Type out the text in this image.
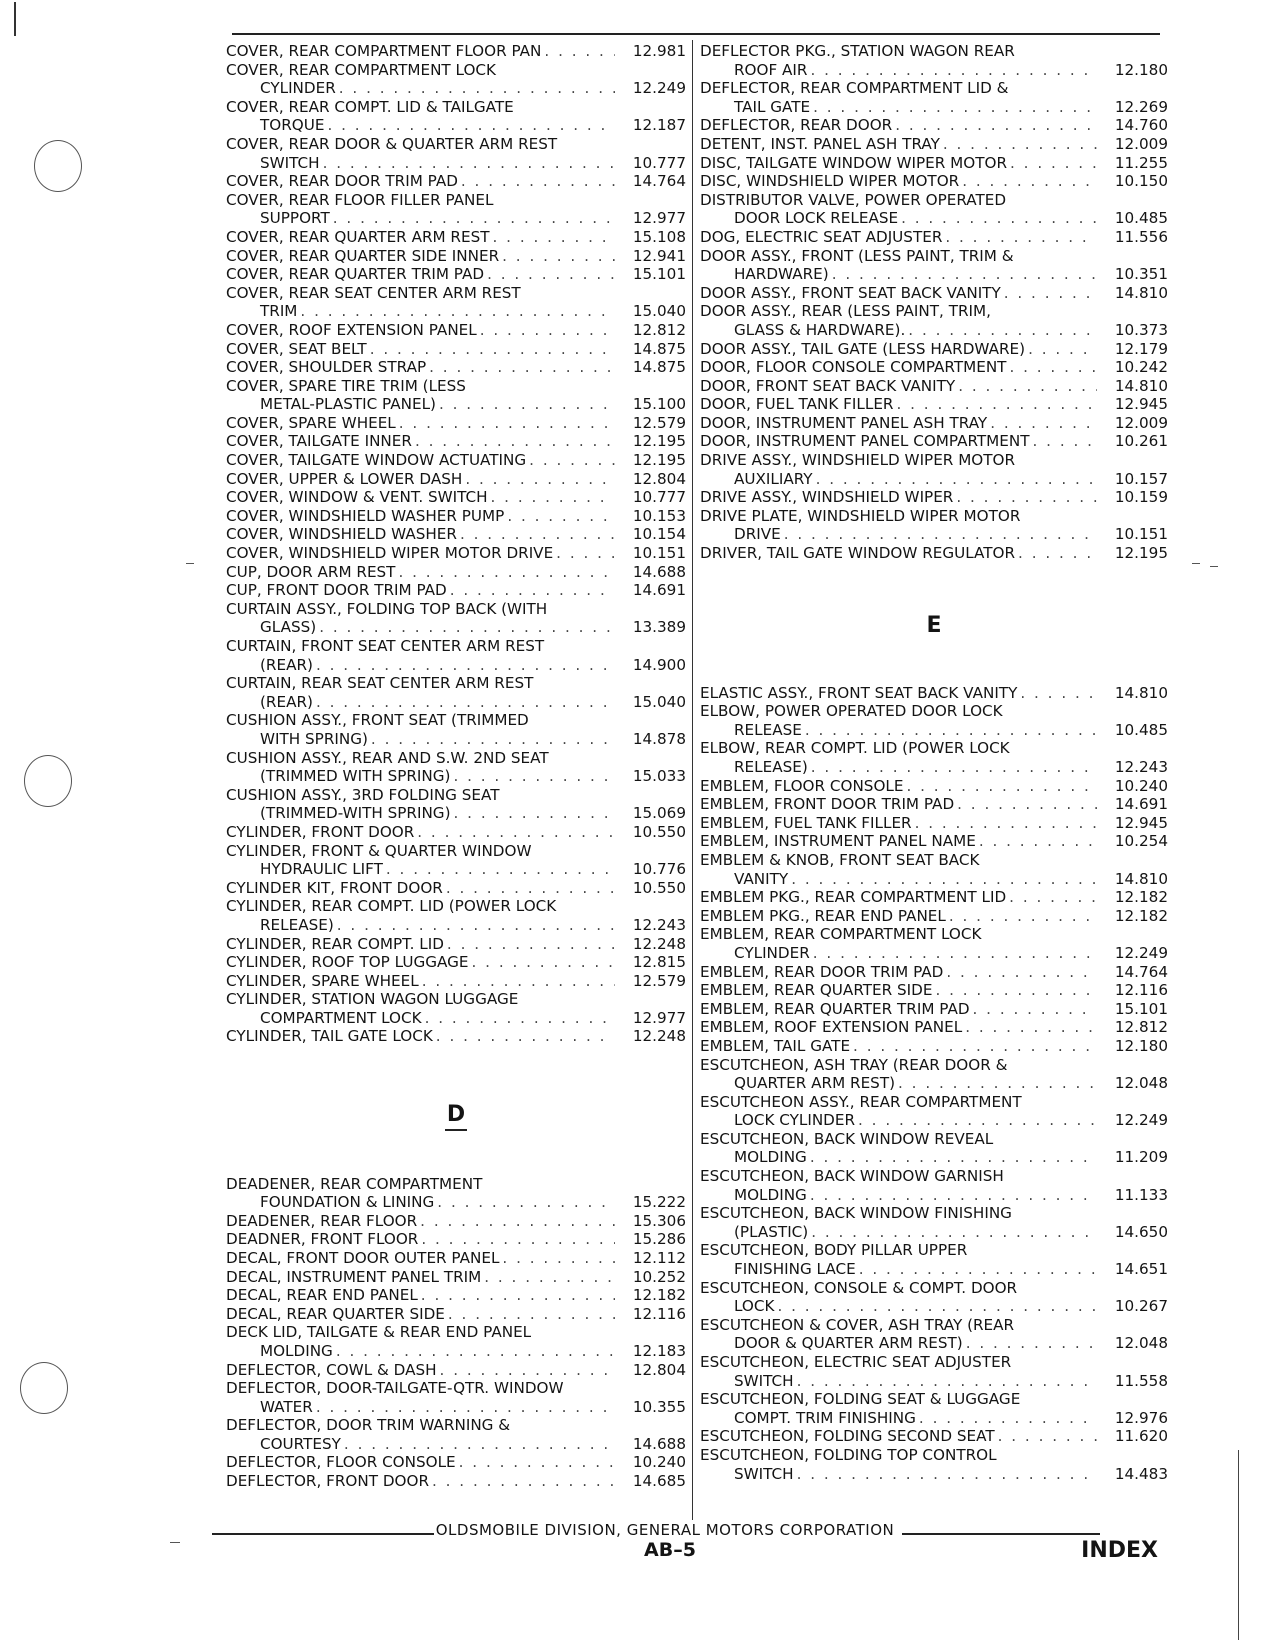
COVER, REAR COMPARTMENT FLOOR PAN . . .	12.981
COVER, REAR COMPARTMENT LOCK
CYLINDER . . .	12.249
COVER, REAR COMPT. LID & TAILGATE
TORQUE . . .	12.187
COVER, REAR DOOR & QUARTER ARM REST
SWITCH . . .	10.777
COVER, REAR DOOR TRIM PAD . . .	14.764
COVER, REAR FLOOR FILLER PANEL
SUPPORT . . .	12.977
COVER, REAR QUARTER ARM REST . . .	15.108
COVER, REAR QUARTER SIDE INNER . . .	12.941
COVER, REAR QUARTER TRIM PAD . . .	15.101
COVER, REAR SEAT CENTER ARM REST
TRIM . . .	15.040
COVER, ROOF EXTENSION PANEL . . .	12.812
COVER, SEAT BELT . . .	14.875
COVER, SHOULDER STRAP . . .	14.875
COVER, SPARE TIRE TRIM (LESS
METAL-PLASTIC PANEL) . . .	15.100
COVER, SPARE WHEEL . . .	12.579
COVER, TAILGATE INNER . . .	12.195
COVER, TAILGATE WINDOW ACTUATING . . .	12.195
COVER, UPPER & LOWER DASH . . .	12.804
COVER, WINDOW & VENT. SWITCH . . .	10.777
COVER, WINDSHIELD WASHER PUMP . . .	10.153
COVER, WINDSHIELD WASHER . . .	10.154
COVER, WINDSHIELD WIPER MOTOR DRIVE . . .	10.151
CUP, DOOR ARM REST . . .	14.688
CUP, FRONT DOOR TRIM PAD . . .	14.691
CURTAIN ASSY., FOLDING TOP BACK (WITH
GLASS) . . .	13.389
CURTAIN, FRONT SEAT CENTER ARM REST
(REAR) . . .	14.900
CURTAIN, REAR SEAT CENTER ARM REST
(REAR) . . .	15.040
CUSHION ASSY., FRONT SEAT (TRIMMED
WITH SPRING) . . .	14.878
CUSHION ASSY., REAR AND S.W. 2ND SEAT
(TRIMMED WITH SPRING) . . .	15.033
CUSHION ASSY., 3RD FOLDING SEAT
(TRIMMED-WITH SPRING) . . .	15.069
CYLINDER, FRONT DOOR . . .	10.550
CYLINDER, FRONT & QUARTER WINDOW
HYDRAULIC LIFT . . .	10.776
CYLINDER KIT, FRONT DOOR . . .	10.550
CYLINDER, REAR COMPT. LID (POWER LOCK
RELEASE) . . .	12.243
CYLINDER, REAR COMPT. LID . . .	12.248
CYLINDER, ROOF TOP LUGGAGE . . .	12.815
CYLINDER, SPARE WHEEL . . .	12.579
CYLINDER, STATION WAGON LUGGAGE
COMPARTMENT LOCK . . .	12.977
CYLINDER, TAIL GATE LOCK . . .	12.248
D
DEADENER, REAR COMPARTMENT
FOUNDATION & LINING . . .	15.222
DEADENER, REAR FLOOR . . .	15.306
DEADNER, FRONT FLOOR . . .	15.286
DECAL, FRONT DOOR OUTER PANEL . . .	12.112
DECAL, INSTRUMENT PANEL TRIM . . .	10.252
DECAL, REAR END PANEL . . .	12.182
DECAL, REAR QUARTER SIDE . . .	12.116
DECK LID, TAILGATE & REAR END PANEL
MOLDING . . .	12.183
DEFLECTOR, COWL & DASH . . .	12.804
DEFLECTOR, DOOR-TAILGATE-QTR. WINDOW
WATER . . .	10.355
DEFLECTOR, DOOR TRIM WARNING &
COURTESY . . .	14.688
DEFLECTOR, FLOOR CONSOLE . . .	10.240
DEFLECTOR, FRONT DOOR . . .	14.685
DEFLECTOR PKG., STATION WAGON REAR
ROOF AIR . . .	12.180
DEFLECTOR, REAR COMPARTMENT LID &
TAIL GATE . . .	12.269
DEFLECTOR, REAR DOOR . . .	14.760
DETENT, INST. PANEL ASH TRAY . . .	12.009
DISC, TAILGATE WINDOW WIPER MOTOR . . .	11.255
DISC, WINDSHIELD WIPER MOTOR . . .	10.150
DISTRIBUTOR VALVE, POWER OPERATED
DOOR LOCK RELEASE . . .	10.485
DOG, ELECTRIC SEAT ADJUSTER . . .	11.556
DOOR ASSY., FRONT (LESS PAINT, TRIM &
HARDWARE) . . .	10.351
DOOR ASSY., FRONT SEAT BACK VANITY . . .	14.810
DOOR ASSY., REAR (LESS PAINT, TRIM,
GLASS & HARDWARE). . . .	10.373
DOOR ASSY., TAIL GATE (LESS HARDWARE) . . .	12.179
DOOR, FLOOR CONSOLE COMPARTMENT . . .	10.242
DOOR, FRONT SEAT BACK VANITY . . .	14.810
DOOR, FUEL TANK FILLER . . .	12.945
DOOR, INSTRUMENT PANEL ASH TRAY . . .	12.009
DOOR, INSTRUMENT PANEL COMPARTMENT . . .	10.261
DRIVE ASSY., WINDSHIELD WIPER MOTOR
AUXILIARY . . .	10.157
DRIVE ASSY., WINDSHIELD WIPER . . .	10.159
DRIVE PLATE, WINDSHIELD WIPER MOTOR
DRIVE . . .	10.151
DRIVER, TAIL GATE WINDOW REGULATOR . . .	12.195
E
ELASTIC ASSY., FRONT SEAT BACK VANITY . . .	14.810
ELBOW, POWER OPERATED DOOR LOCK
RELEASE . . .	10.485
ELBOW, REAR COMPT. LID (POWER LOCK
RELEASE) . . .	12.243
EMBLEM, FLOOR CONSOLE . . .	10.240
EMBLEM, FRONT DOOR TRIM PAD . . .	14.691
EMBLEM, FUEL TANK FILLER . . .	12.945
EMBLEM, INSTRUMENT PANEL NAME . . .	10.254
EMBLEM & KNOB, FRONT SEAT BACK
VANITY . . .	14.810
EMBLEM PKG., REAR COMPARTMENT LID . . .	12.182
EMBLEM PKG., REAR END PANEL . . .	12.182
EMBLEM, REAR COMPARTMENT LOCK
CYLINDER . . .	12.249
EMBLEM, REAR DOOR TRIM PAD . . .	14.764
EMBLEM, REAR QUARTER SIDE . . .	12.116
EMBLEM, REAR QUARTER TRIM PAD . . .	15.101
EMBLEM, ROOF EXTENSION PANEL . . .	12.812
EMBLEM, TAIL GATE . . .	12.180
ESCUTCHEON, ASH TRAY (REAR DOOR &
QUARTER ARM REST) . . .	12.048
ESCUTCHEON ASSY., REAR COMPARTMENT
LOCK CYLINDER . . .	12.249
ESCUTCHEON, BACK WINDOW REVEAL
MOLDING . . .	11.209
ESCUTCHEON, BACK WINDOW GARNISH
MOLDING . . .	11.133
ESCUTCHEON, BACK WINDOW FINISHING
(PLASTIC) . . .	14.650
ESCUTCHEON, BODY PILLAR UPPER
FINISHING LACE . . .	14.651
ESCUTCHEON, CONSOLE & COMPT. DOOR
LOCK . . .	10.267
ESCUTCHEON & COVER, ASH TRAY (REAR
DOOR & QUARTER ARM REST) . . .	12.048
ESCUTCHEON, ELECTRIC SEAT ADJUSTER
SWITCH . . .	11.558
ESCUTCHEON, FOLDING SEAT & LUGGAGE
COMPT. TRIM FINISHING . . .	12.976
ESCUTCHEON, FOLDING SECOND SEAT . . .	11.620
ESCUTCHEON, FOLDING TOP CONTROL
SWITCH . . .	14.483
OLDSMOBILE DIVISION, GENERAL MOTORS CORPORATION
AB–5	INDEX
